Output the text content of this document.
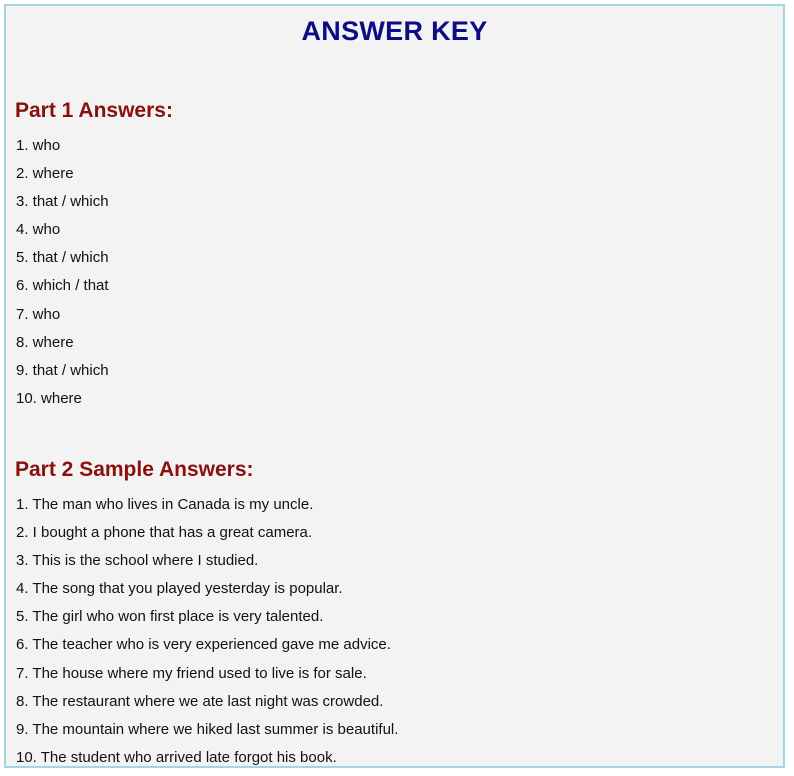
ANSWER KEY
Part 1 Answers:
1. who
2. where
3. that / which
4. who
5. that / which
6. which / that
7. who
8. where
9. that / which
10. where
Part 2 Sample Answers:
1. The man who lives in Canada is my uncle.
2. I bought a phone that has a great camera.
3. This is the school where I studied.
4. The song that you played yesterday is popular.
5. The girl who won first place is very talented.
6. The teacher who is very experienced gave me advice.
7. The house where my friend used to live is for sale.
8. The restaurant where we ate last night was crowded.
9. The mountain where we hiked last summer is beautiful.
10. The student who arrived late forgot his book.
